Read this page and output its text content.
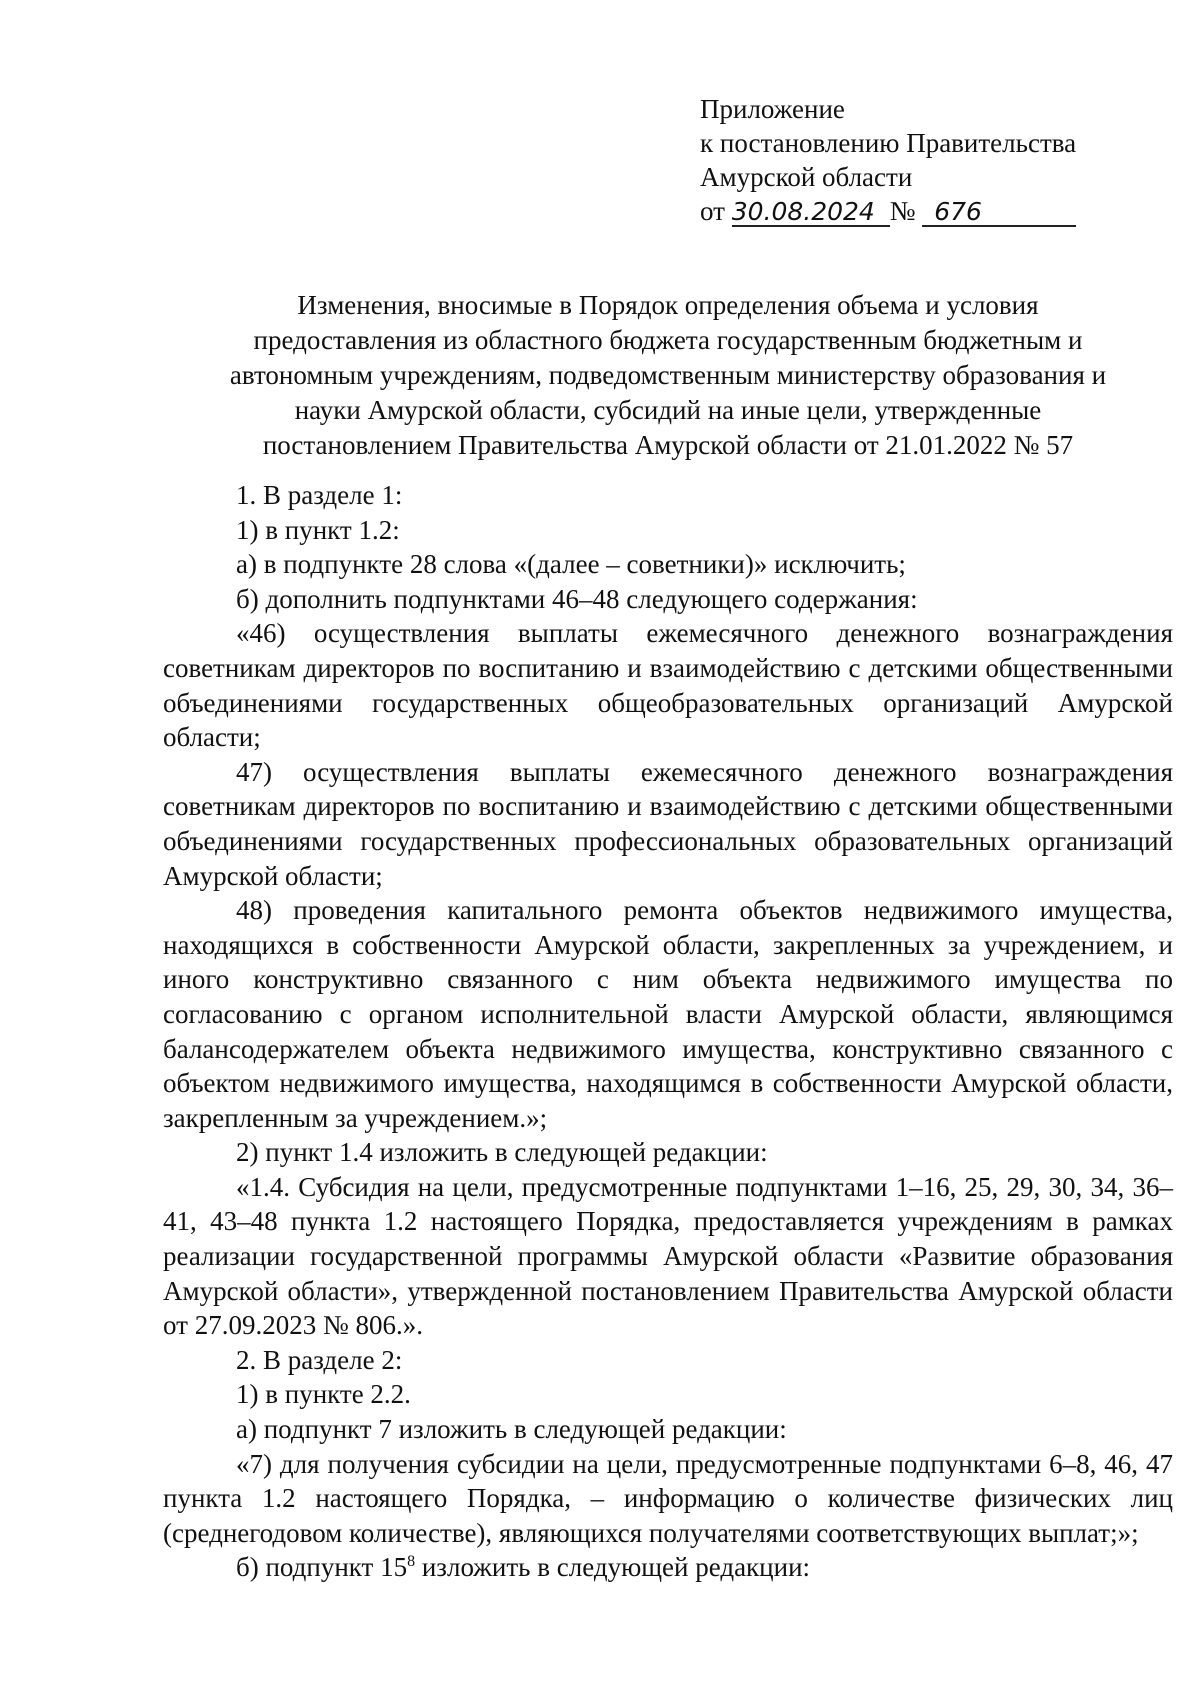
Приложение
к постановлению Правительства
Амурской области
от 30.08.2024 № 676
Изменения, вносимые в Порядок определения объема и условия
предоставления из областного бюджета государственным бюджетным и
автономным учреждениям, подведомственным министерству образования и
науки Амурской области, субсидий на иные цели, утвержденные
постановлением Правительства Амурской области от 21.01.2022 № 57

1. В разделе 1:

1) в пункт 1.2:

а) в подпункте 28 слова «(далее – советники)» исключить;

б) дополнить подпунктами 46–48 следующего содержания:

«46) осуществления выплаты ежемесячного денежного вознаграждения советникам директоров по воспитанию и взаимодействию с детскими общественными объединениями государственных общеобразовательных организаций Амурской области;

47) осуществления выплаты ежемесячного денежного вознаграждения советникам директоров по воспитанию и взаимодействию с детскими общественными объединениями государственных профессиональных образовательных организаций Амурской области;

48) проведения капитального ремонта объектов недвижимого имущества, находящихся в собственности Амурской области, закрепленных за учреждением, и иного конструктивно связанного с ним объекта недвижимого имущества по согласованию с органом исполнительной власти Амурской области, являющимся балансодержателем объекта недвижимого имущества, конструктивно связанного с объектом недвижимого имущества, находящимся в собственности Амурской области, закрепленным за учреждением.»;

2) пункт 1.4 изложить в следующей редакции:

«1.4. Субсидия на цели, предусмотренные подпунктами 1–16, 25, 29, 30, 34, 36–41, 43–48 пункта 1.2 настоящего Порядка, предоставляется учреждениям в рамках реализации государственной программы Амурской области «Развитие образования Амурской области», утвержденной постановлением Правительства Амурской области от 27.09.2023 № 806.».

2. В разделе 2:

1) в пункте 2.2.

а) подпункт 7 изложить в следующей редакции:

«7) для получения субсидии на цели, предусмотренные подпунктами 6–8, 46, 47 пункта 1.2 настоящего Порядка, – информацию о количестве физических лиц (среднегодовом количестве), являющихся получателями соответствующих выплат;»;

б) подпункт $15^8$ изложить в следующей редакции:
